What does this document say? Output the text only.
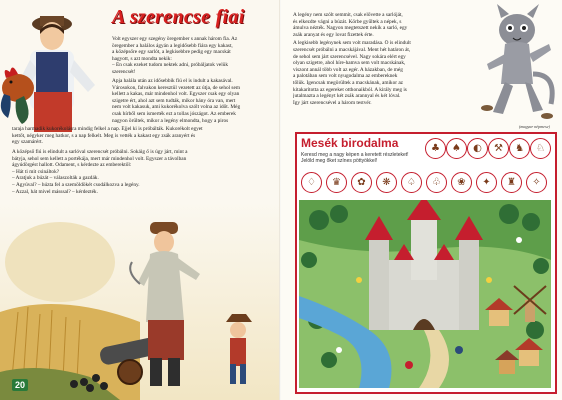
A szerencse fiai
Volt egyszer egy szegény öregember s annak három fia. Az
öregember a halálos ágyán a legidősebb fiára egy kakast,
a középsőre egy sarlót, a legkisebbre pedig egy macskát
hagyott, s azt mondta nekik:
– Én csak ezeket tudom nektek adni, próbáljatok velük
szerencsét!
Apja halála után az idősebbik fiú el is indult a kakasával.
Városokon, falvakon keresztül vezetett az útja, de sehol sem
kellett a kakas, már mindenhol volt. Egyszer csak egy olyan
szigetre ért, ahol azt sem tudták, mikor hány óra van, mert
nem volt kakasuk, ami kukorékolva szólt volna az időt. Még
csak hírből sem ismerték ezt a tollas jószágot. Az emberek
nagyon örültek, mikor a legény elmondta, hogy a piros
taraja harmadik kukorékolásra mindig felkel a nap. Éjjel ki is próbálták. Kukorékolt egyet
kettőt, négyker meg hatkor, s a nap felkelt. Meg is vették a kakast egy zsák aranyért és
egy szamárért.
A középső fiú is elindult a sarlóval szerencsét próbálni. Sokáig ő is úgy járt, mint a
bátyja, sehol sem kellett a portékája, mert már mindenhol volt. Egyszer a távolban
ágyúdörgést hallott. Odament, s kérdezte az emberektől:
– Hát ti mit csináltok?
– Aratjuk a búzát – válaszolták a gazdák.
– Ágyúval? – húzta fel a szemöldökét csodálkozva a legény.
– Azzal, hát mivel másssal? – kérdezték.
20
A legény nem szólt semmit, csak elővette a sarlóját,
és elkezdte vágni a búzát. Körbe gyűltek a népek, s
ámulva nézték. Nagyon megtetszett nekik a sarló, egy
zsák aranyat és egy lovat fizettek érte.
A legkisebb legénynek sem volt maradása. Ő is elindult
szerencsét próbálni a macskájával. Ment hét határon át,
de sehol sem járt szerencsével. Nagy sokára elért egy
olyan szigetre, ahol híre-hamva sem volt macskának,
viszont annál több volt az egér. A házakban, de még
a palotában sem volt nyugodalma az embereknek
tőlük. Igencsak megörültek a macskának, amikor az
kitakarította az egereket otthonaikból. A király meg is
jutalmazta a legényt két zsák arannyal és két lóval.
Így járt szerencsével a három testvér.
(magyar népmese)
Mesék birodalma
Keresd meg a nagy képen a keretett részleteket! Jelöld meg őket színes pöttyökkel!
♣	♠	◐	⚒	♞	♘
♢	♛	✿	❋	♤	♧	❀	✦	♜	✧
